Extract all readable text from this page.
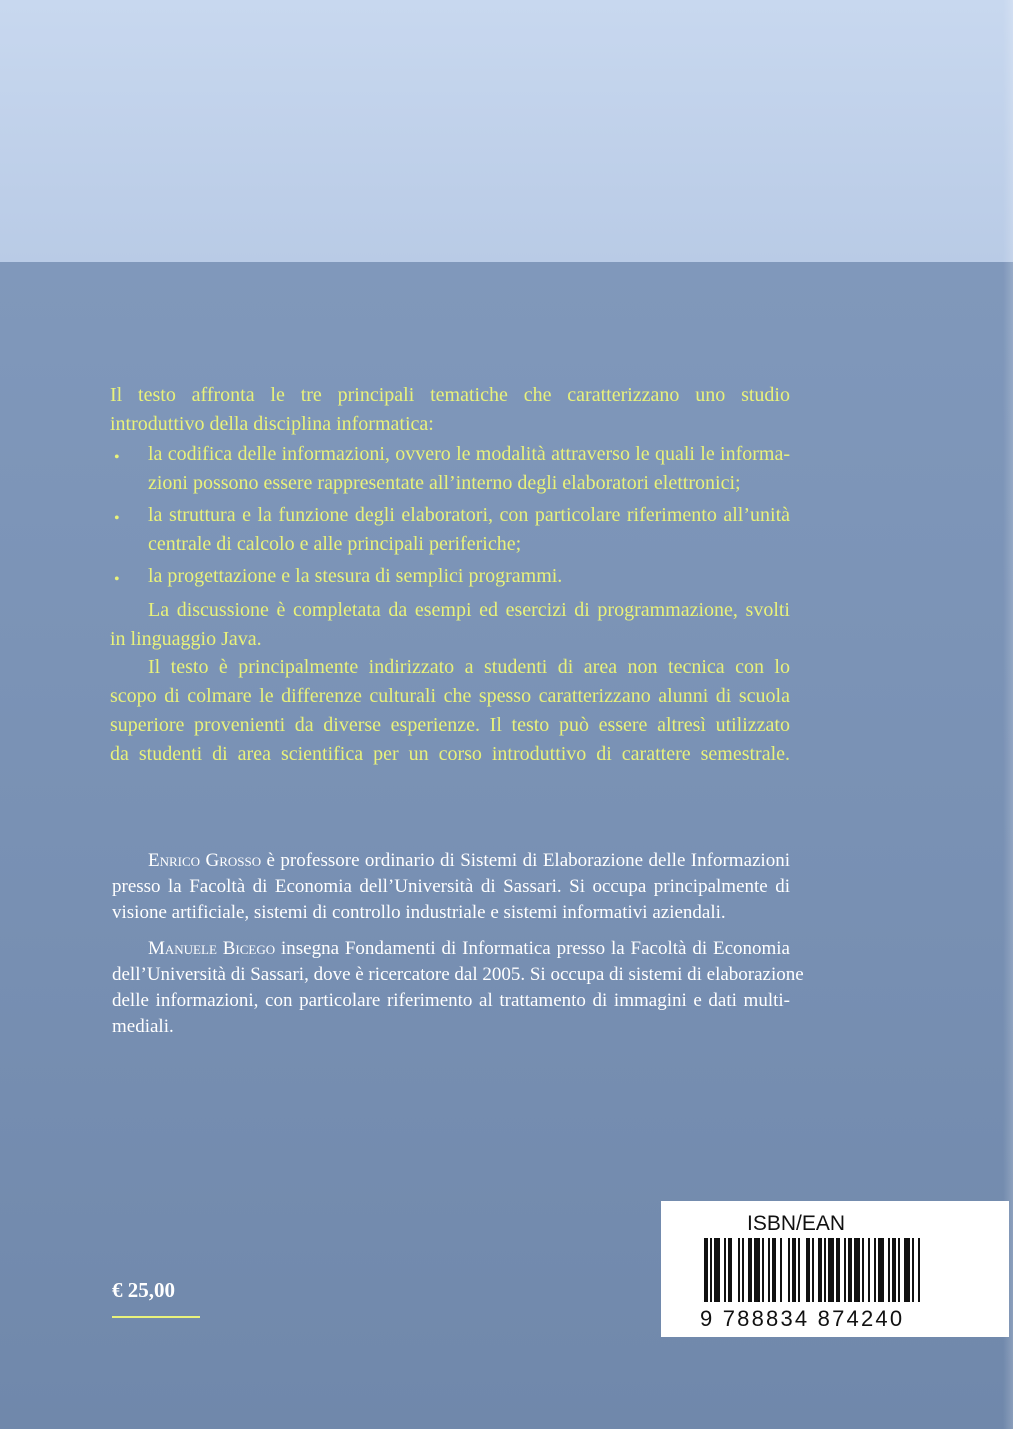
Il testo affronta le tre principali tematiche che caratterizzano uno studio
introduttivo della disciplina informatica:
• la codifica delle informazioni, ovvero le modalità attraverso le quali le informa-
zioni possono essere rappresentate all’interno degli elaboratori elettronici;
• la struttura e la funzione degli elaboratori, con particolare riferimento all’unità
centrale di calcolo e alle principali periferiche;
• la progettazione e la stesura di semplici programmi.
La discussione è completata da esempi ed esercizi di programmazione, svolti
in linguaggio Java.
Il testo è principalmente indirizzato a studenti di area non tecnica con lo
scopo di colmare le differenze culturali che spesso caratterizzano alunni di scuola
superiore provenienti da diverse esperienze. Il testo può essere altresì utilizzato
da studenti di area scientifica per un corso introduttivo di carattere semestrale.
Enrico Grosso è professore ordinario di Sistemi di Elaborazione delle Informazioni
presso la Facoltà di Economia dell’Università di Sassari. Si occupa principalmente di
visione artificiale, sistemi di controllo industriale e sistemi informativi aziendali.
Manuele Bicego insegna Fondamenti di Informatica presso la Facoltà di Economia
dell’Università di Sassari, dove è ricercatore dal 2005. Si occupa di sistemi di elaborazione
delle informazioni, con particolare riferimento al trattamento di immagini e dati multi-
mediali.
€ 25,00
ISBN/EAN
9 788834 874240
